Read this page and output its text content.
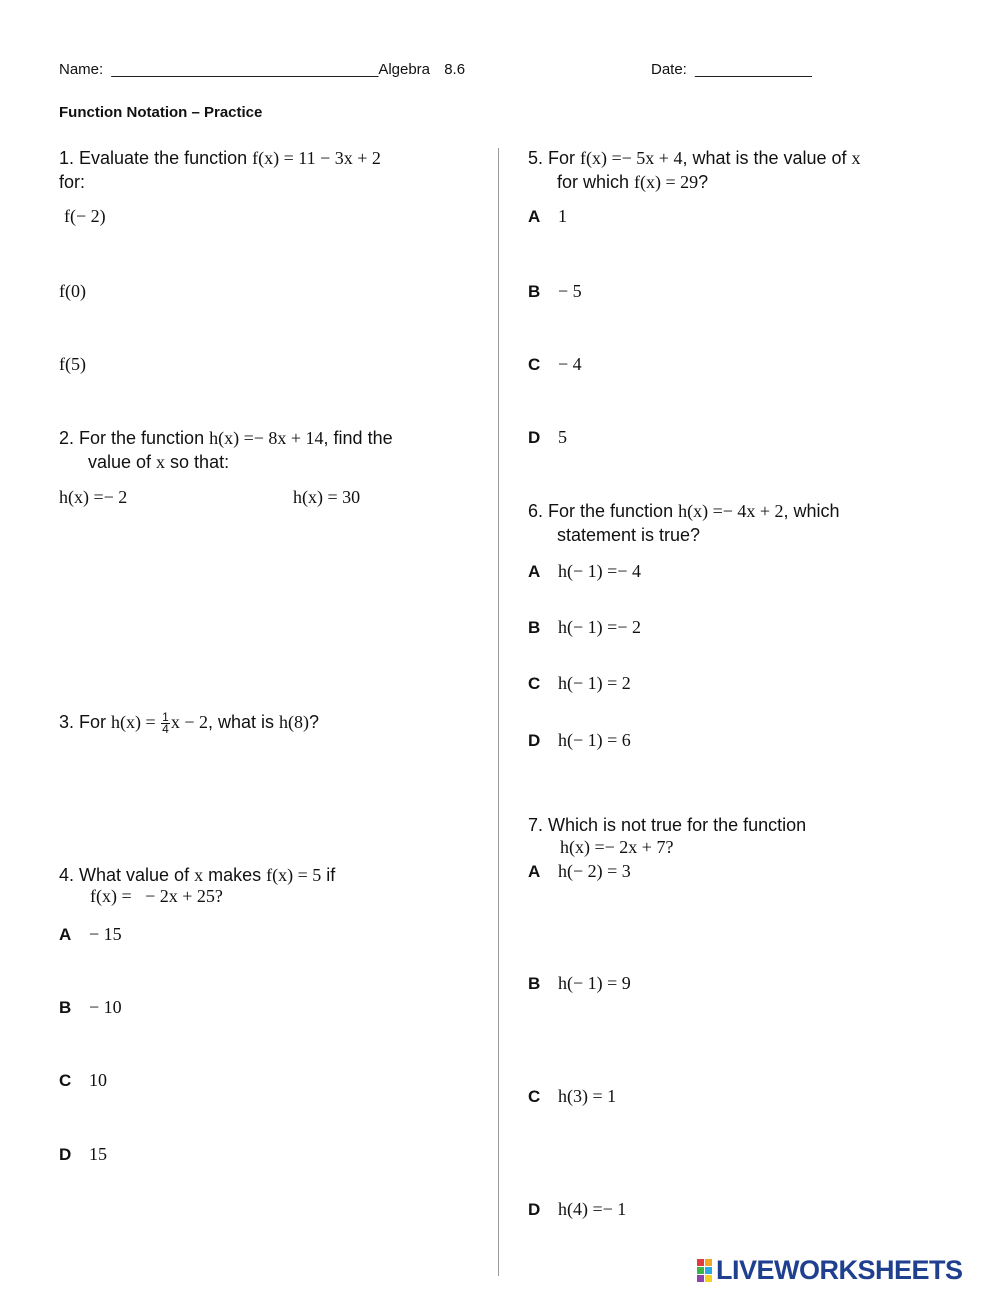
Name: ________________________________Algebra 8.6	Date: ______________
Function Notation – Practice
1. Evaluate the function f(x) = 11 − 3x + 2
for:
f(− 2)
f(0)
f(5)
2. For the function h(x) =− 8x + 14, find the
value of x so that:
h(x) =− 2	h(x) = 30
3. For $h(x) = \frac{1}{4}$ x − 2, what is h(8)?
4. What value of x makes f(x) = 5 if
f(x) =   − 2x + 25?
A − 15
B − 10
C 10
D 15
5. For f(x) =− 5x + 4, what is the value of x
for which f(x) = 29?
A 1
B − 5
C − 4
D 5
6. For the function h(x) =− 4x + 2, which
statement is true?
A h(− 1) =− 4
B h(− 1) =− 2
C h(− 1) = 2
D h(− 1) = 6
7. Which is not true for the function
h(x) =− 2x + 7?
A h(− 2) = 3
B h(− 1) = 9
C h(3) = 1
D h(4) =− 1
LIVEWORKSHEETS
